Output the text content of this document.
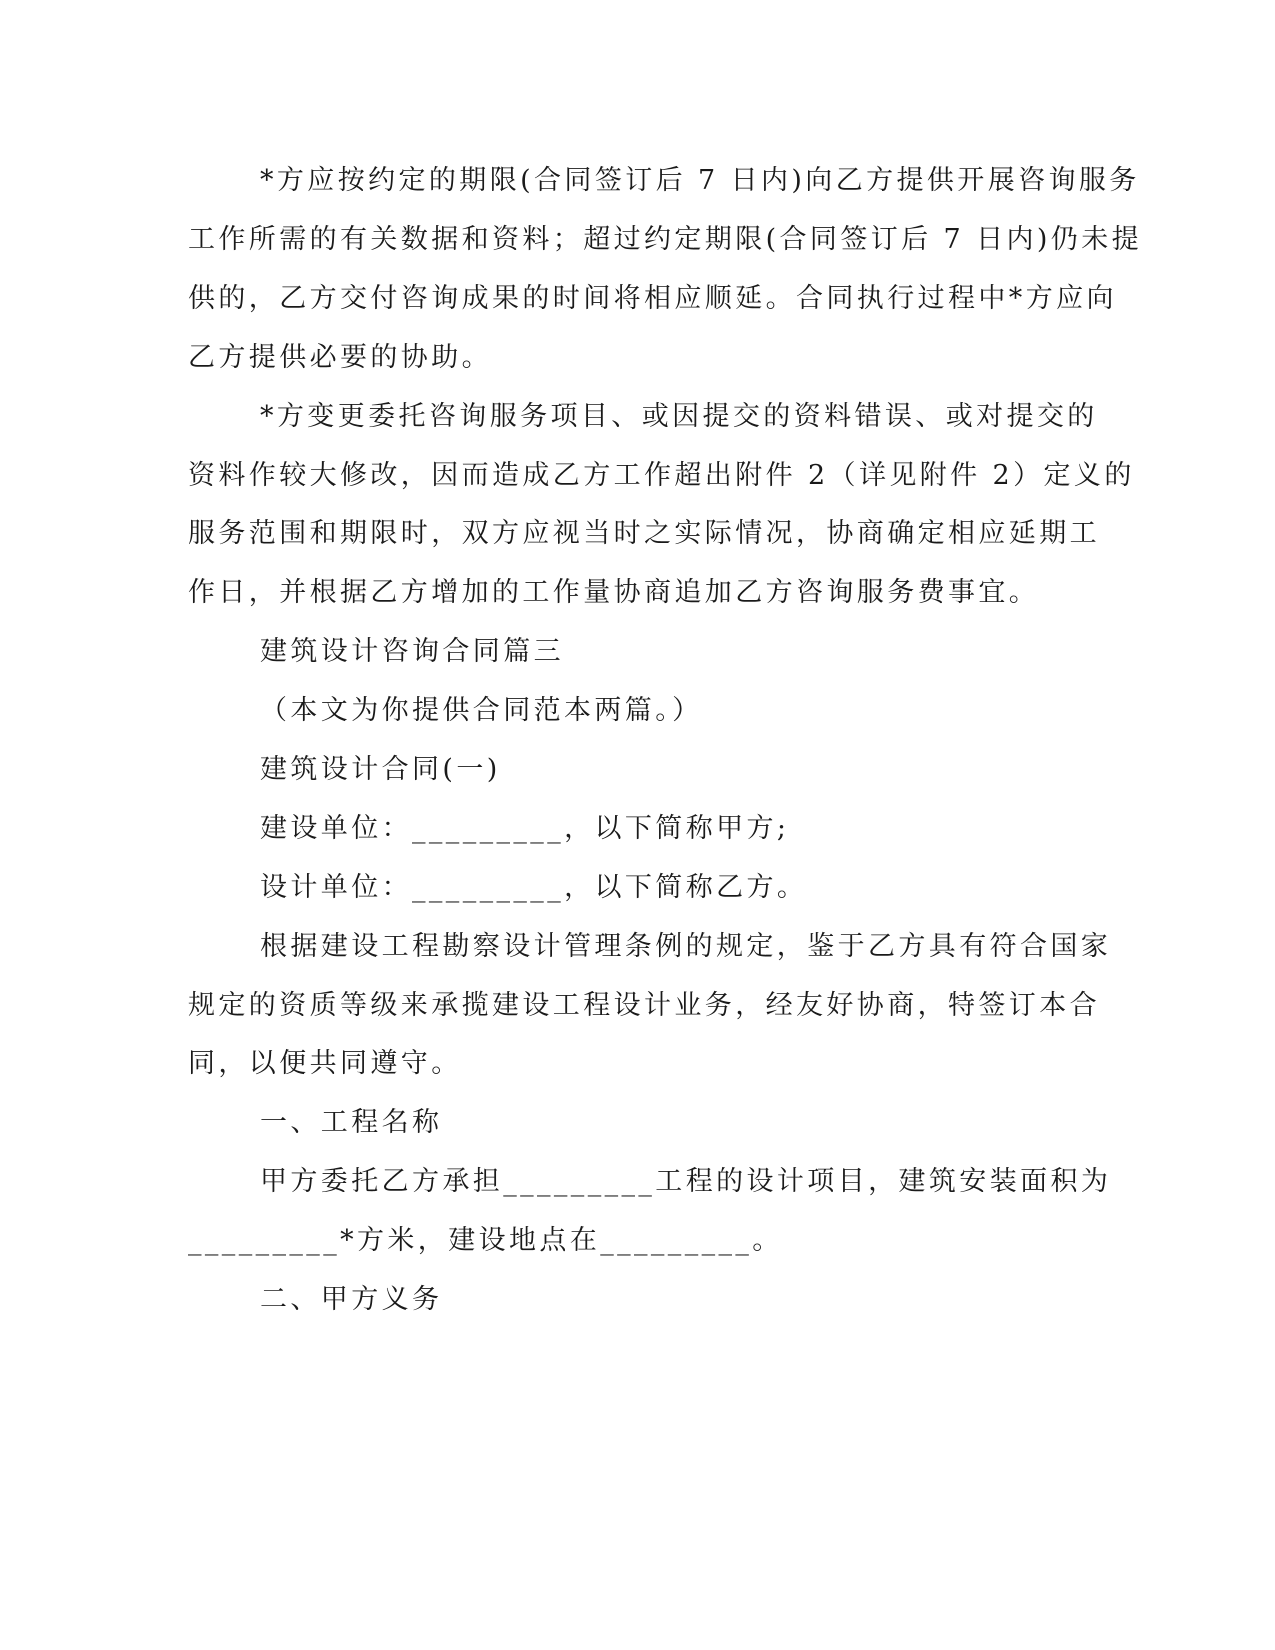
*方应按约定的期限(合同签订后 7 日内)向乙方提供开展咨询服务
工作所需的有关数据和资料；超过约定期限(合同签订后 7 日内)仍未提
供的，乙方交付咨询成果的时间将相应顺延。合同执行过程中*方应向
乙方提供必要的协助。
*方变更委托咨询服务项目、或因提交的资料错误、或对提交的
资料作较大修改，因而造成乙方工作超出附件 2（详见附件 2）定义的
服务范围和期限时，双方应视当时之实际情况，协商确定相应延期工
作日，并根据乙方增加的工作量协商追加乙方咨询服务费事宜。
建筑设计咨询合同篇三
（本文为你提供合同范本两篇。）
建筑设计合同(一)
建设单位：_________，以下简称甲方;
设计单位：_________，以下简称乙方。
根据建设工程勘察设计管理条例的规定，鉴于乙方具有符合国家
规定的资质等级来承揽建设工程设计业务，经友好协商，特签订本合
同，以便共同遵守。
一、工程名称
甲方委托乙方承担_________工程的设计项目，建筑安装面积为
_________*方米，建设地点在_________。
二、甲方义务
